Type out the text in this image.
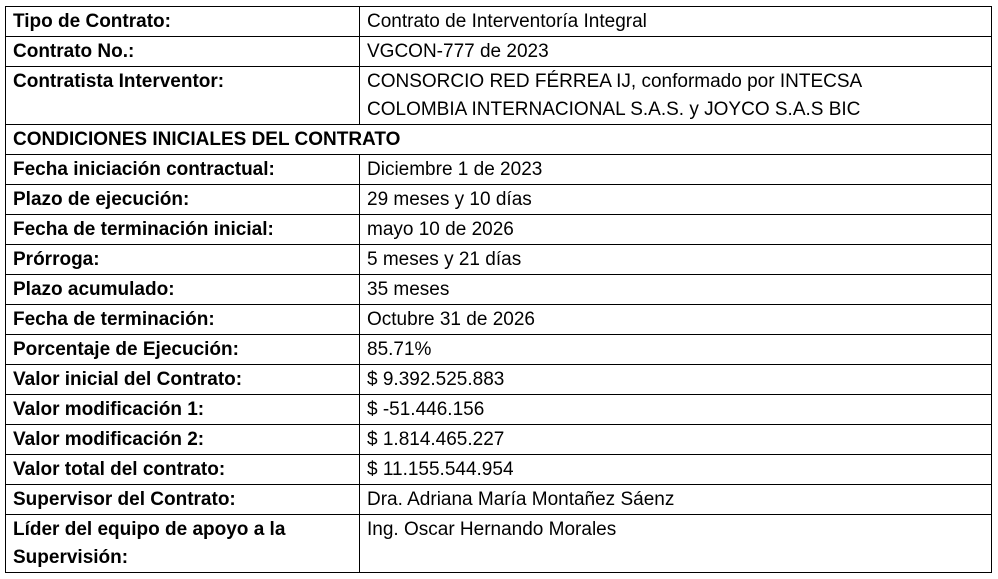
Tipo de Contrato:	Contrato de Interventoría Integral
Contrato No.:	VGCON-777 de 2023
Contratista Interventor:	CONSORCIO RED FÉRREA IJ, conformado por INTECSA
COLOMBIA INTERNACIONAL S.A.S. y JOYCO S.A.S BIC

CONDICIONES INICIALES DEL CONTRATO	
Fecha iniciación contractual:	Diciembre 1 de 2023
Plazo de ejecución:	29 meses y 10 días
Fecha de terminación inicial:	mayo 10 de 2026
Prórroga:	5 meses y 21 días
Plazo acumulado:	35 meses
Fecha de terminación:	Octubre 31 de 2026
Porcentaje de Ejecución:	85.71%
Valor inicial del Contrato:	$ 9.392.525.883
Valor modificación 1:	$ -51.446.156
Valor modificación 2:	$ 1.814.465.227
Valor total del contrato:	$ 11.155.544.954
Supervisor del Contrato:	Dra. Adriana María Montañez Sáenz

Líder del equipo de apoyo a la
Supervisión:	Ing. Oscar Hernando Morales
